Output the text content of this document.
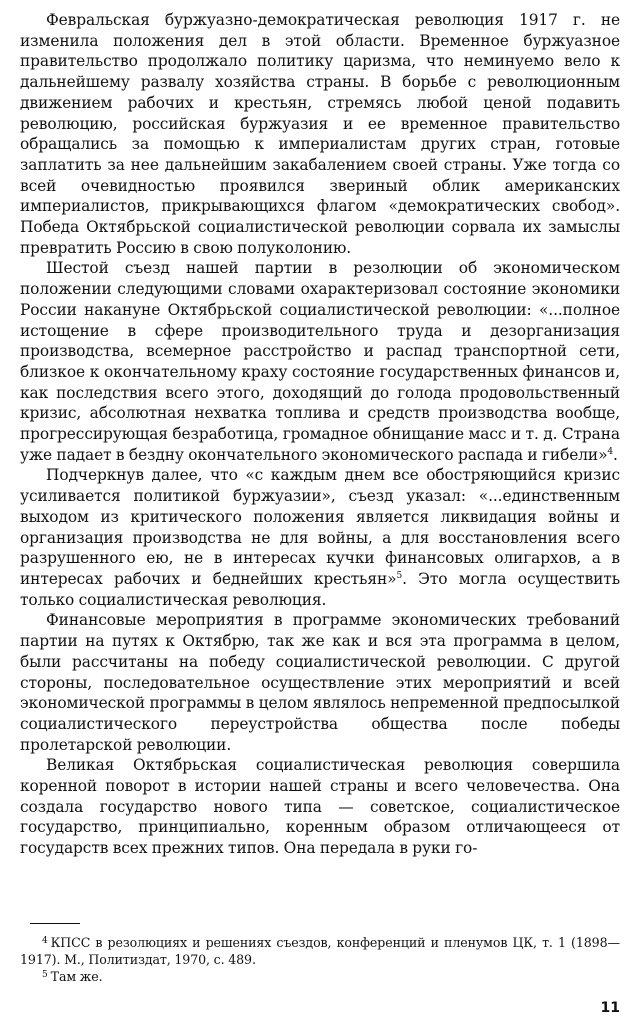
Февральская буржуазно-демократическая революция 1917 г. не изменила положения дел в этой области. Временное буржуазное правительство продолжало политику царизма, что неминуемо вело к дальнейшему развалу хозяйства страны. В борьбе с революционным движением рабочих и крестьян, стремясь любой ценой подавить революцию, российская буржуазия и ее временное правительство обращались за помощью к империалистам других стран, готовые заплатить за нее дальнейшим закабалением своей страны. Уже тогда со всей очевидностью проявился звериный облик американских империалистов, прикрывающихся флагом «демократических свобод». Победа Октябрьской социалистической революции сорвала их замыслы превратить Россию в свою полуколонию.

Шестой съезд нашей партии в резолюции об экономическом положении следующими словами охарактеризовал состояние экономики России накануне Октябрьской социалистической революции: «...полное истощение в сфере производительного труда и дезорганизация производства, всемерное расстройство и распад транспортной сети, близкое к окончательному краху состояние государственных финансов и, как последствия всего этого, доходящий до голода продовольственный кризис, абсолютная нехватка топлива и средств производства вообще, прогрессирующая безработица, громадное обнищание масс и т. д. Страна уже падает в бездну окончательного экономического распада и гибели»$^4$.

Подчеркнув далее, что «с каждым днем все обостряющийся кризис усиливается политикой буржуазии», съезд указал: «...единственным выходом из критического положения является ликвидация войны и организация производства не для войны, а для восстановления всего разрушенного ею, не в интересах кучки финансовых олигархов, а в интересах рабочих и беднейших крестьян»$^5$. Это могла осуществить только социалистическая революция.

Финансовые мероприятия в программе экономических требований партии на путях к Октябрю, так же как и вся эта программа в целом, были рассчитаны на победу социалистической революции. С другой стороны, последовательное осуществление этих мероприятий и всей экономической программы в целом являлось непременной предпосылкой социалистического переустройства общества после победы пролетарской революции.

Великая Октябрьская социалистическая революция совершила коренной поворот в истории нашей страны и всего человечества. Она создала государство нового типа — советское, социалистическое государство, принципиально, коренным образом отличающееся от государств всех прежних типов. Она передала в руки го-

$^4$ КПСС в резолюциях и решениях съездов, конференций и пленумов ЦК, т. 1 (1898—1917). М., Политиздат, 1970, с. 489.

$^5$ Там же.

11
